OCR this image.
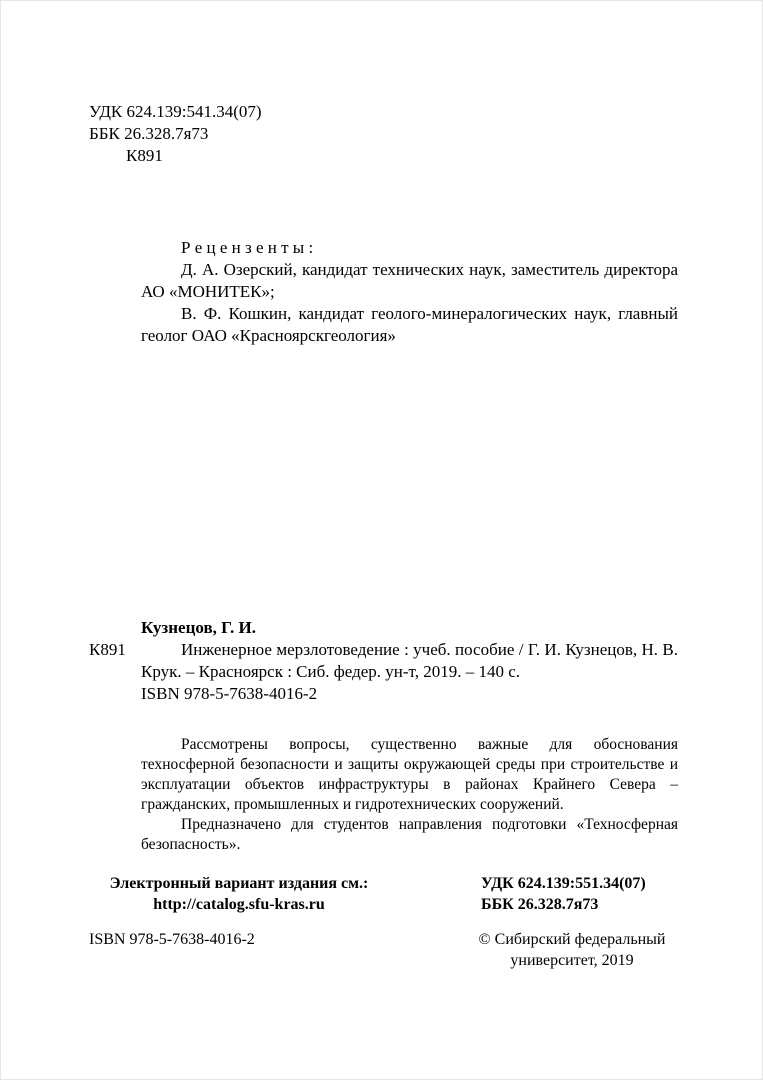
УДК 624.139:541.34(07)
ББК 26.328.7я73
К891

Р е ц е н з е н т ы :

Д. А. Озерский, кандидат технических наук, заместитель директора АО «МОНИТЕК»;

В. Ф. Кошкин, кандидат геолого-минералогических наук, главный геолог ОАО «Красноярскгеология»

Кузнецов, Г. И.

К891	Инженерное мерзлотоведение : учеб. пособие / Г. И. Кузнецов, Н. В. Крук. – Красноярск : Сиб. федер. ун-т, 2019. – 140 с.

ISBN 978-5-7638-4016-2

Рассмотрены вопросы, существенно важные для обоснования техносферной безопасности и защиты окружающей среды при строительстве и эксплуатации объектов инфраструктуры в районах Крайнего Севера – гражданских, промышленных и гидротехнических сооружений.

Предназначено для студентов направления подготовки «Техносферная безопасность».

Электронный вариант издания см.:
http://catalog.sfu-kras.ru
УДК 624.139:551.34(07)
ББК 26.328.7я73
ISBN 978-5-7638-4016-2	© Сибирский федеральный
университет, 2019
